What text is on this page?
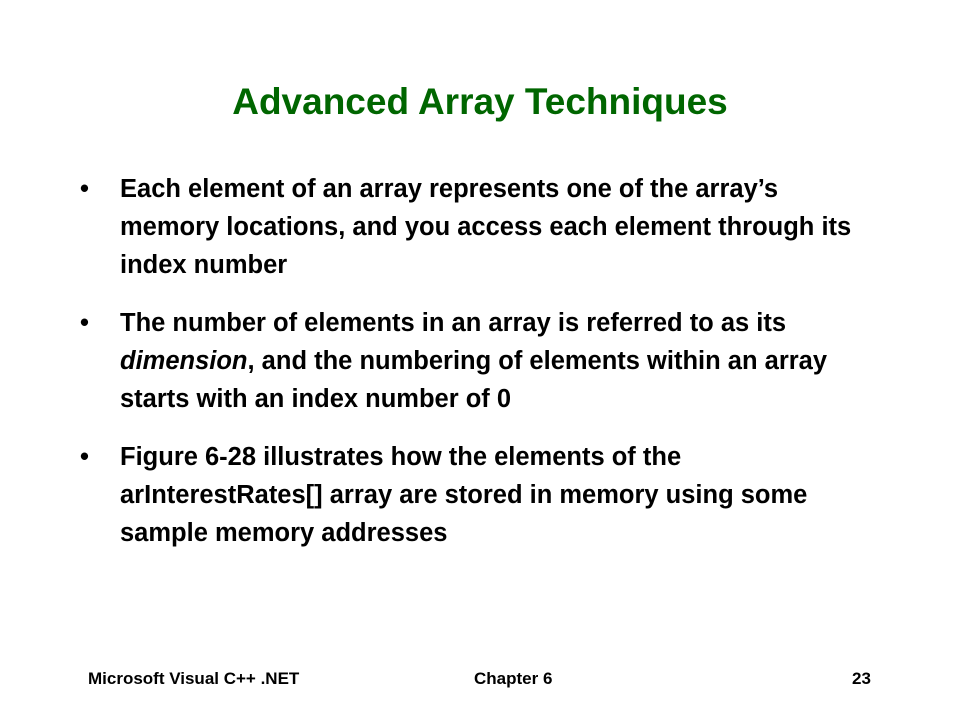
Advanced Array Techniques
• Each element of an array represents one of the array’s memory locations, and you access each element through its index number
• The number of elements in an array is referred to as its dimension, and the numbering of elements within an array starts with an index number of 0
• Figure 6-28 illustrates how the elements of the arInterestRates[] array are stored in memory using some sample memory addresses
Microsoft Visual C++ .NET	Chapter 6	23
